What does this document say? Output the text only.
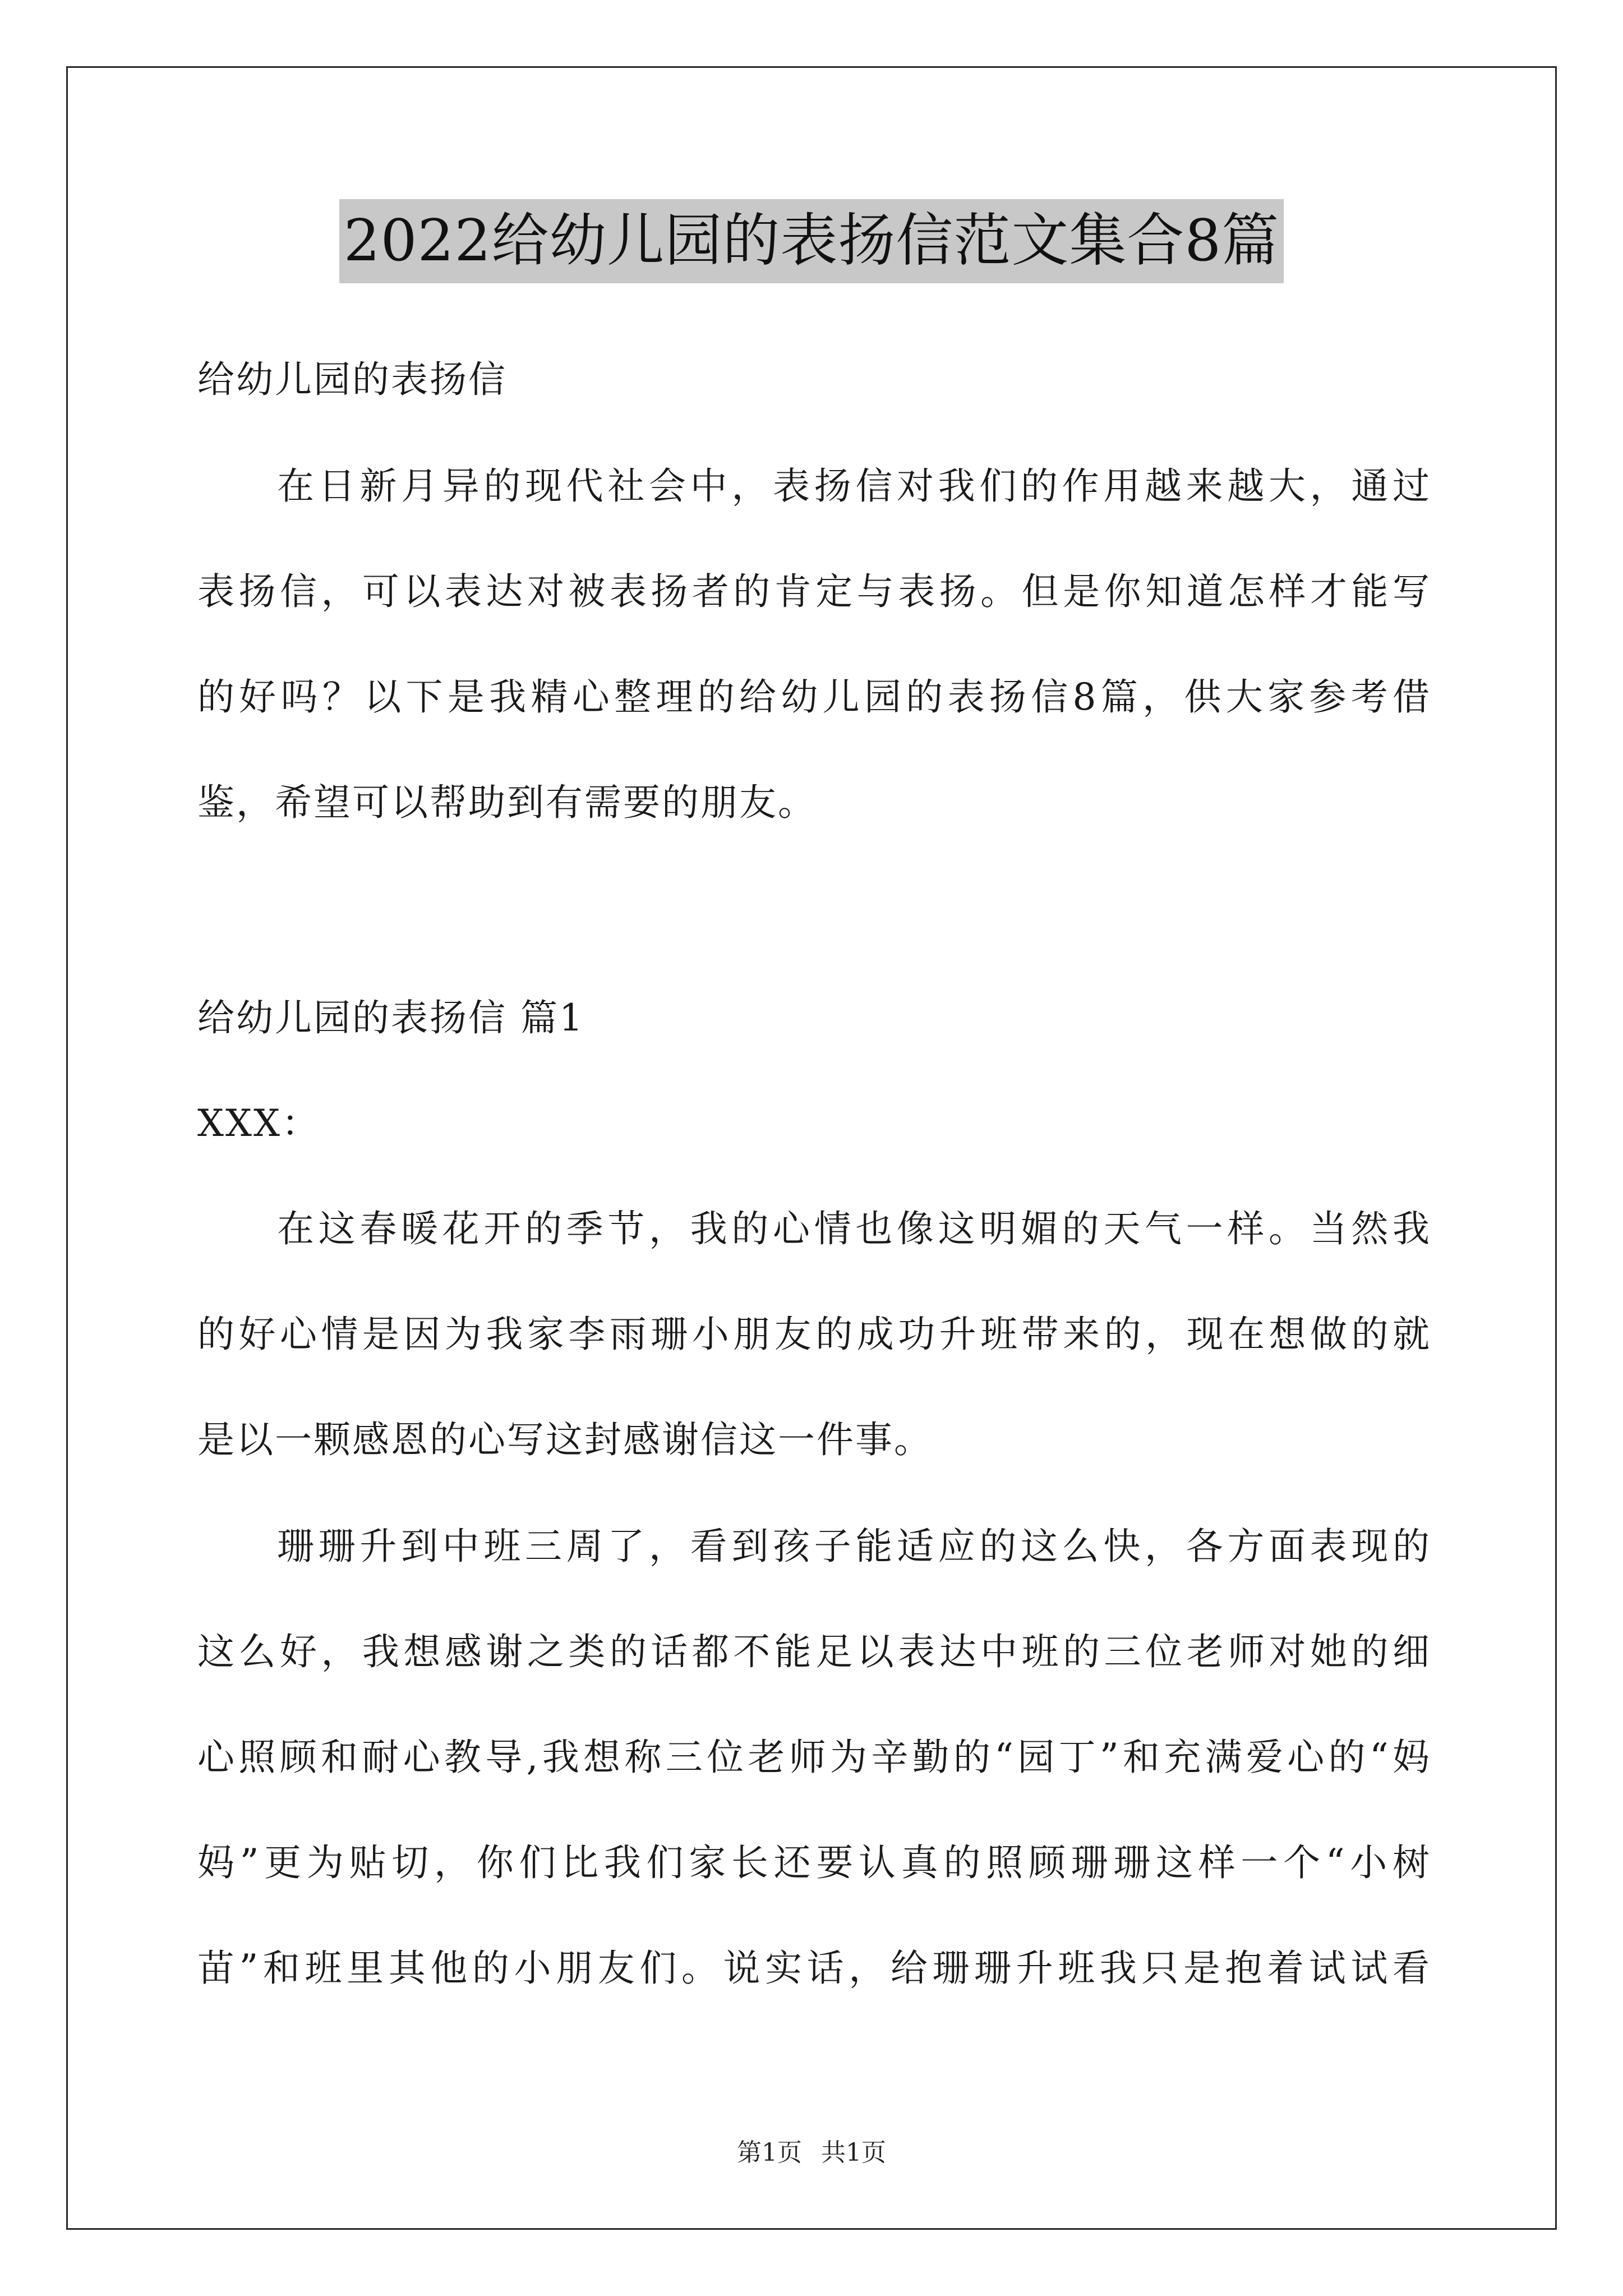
2022给幼儿园的表扬信范文集合8篇
给幼儿园的表扬信
在日新月异的现代社会中，表扬信对我们的作用越来越大，通过
表扬信，可以表达对被表扬者的肯定与表扬。但是你知道怎样才能写
的好吗？以下是我精心整理的给幼儿园的表扬信8篇，供大家参考借
鉴，希望可以帮助到有需要的朋友。
给幼儿园的表扬信 篇1
XXX：
在这春暖花开的季节，我的心情也像这明媚的天气一样。当然我
的好心情是因为我家李雨珊小朋友的成功升班带来的，现在想做的就
是以一颗感恩的心写这封感谢信这一件事。
珊珊升到中班三周了，看到孩子能适应的这么快，各方面表现的
这么好，我想感谢之类的话都不能足以表达中班的三位老师对她的细
心照顾和耐心教导,我想称三位老师为辛勤的“园丁”和充满爱心的“妈
妈”更为贴切，你们比我们家长还要认真的照顾珊珊这样一个“小树
苗”和班里其他的小朋友们。说实话，给珊珊升班我只是抱着试试看
第1页 共1页
